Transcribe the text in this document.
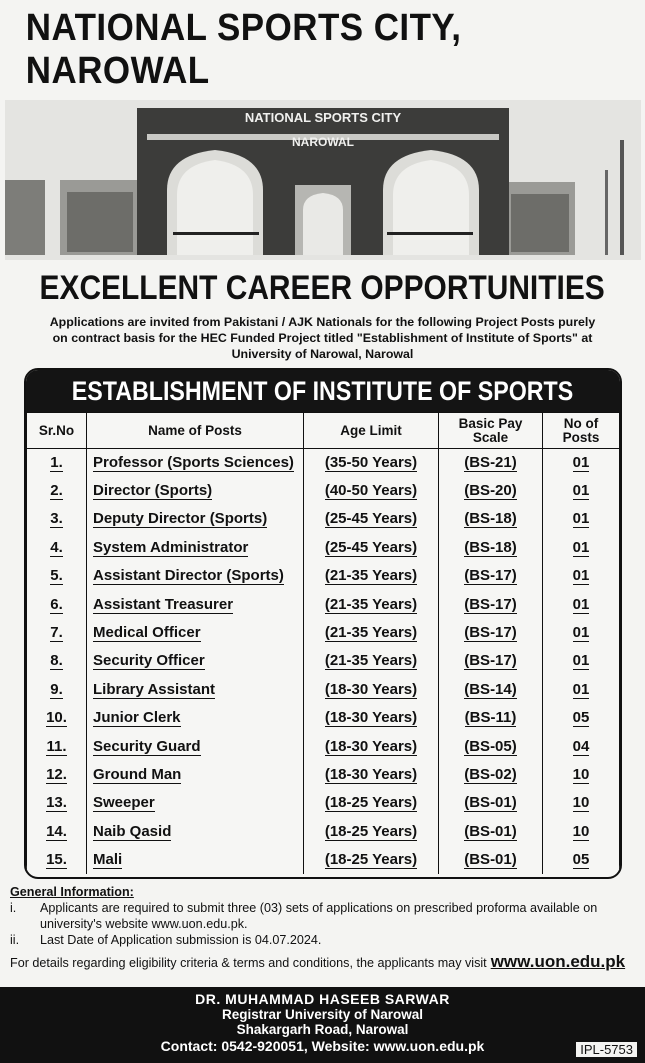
NATIONAL SPORTS CITY, NAROWAL
NATIONAL SPORTS CITY
NAROWAL
EXCELLENT CAREER OPPORTUNITIES
Applications are invited from Pakistani / AJK Nationals for the following Project Posts purely
on contract basis for the HEC Funded Project titled "Establishment of Institute of Sports" at
University of Narowal, Narowal
ESTABLISHMENT OF INSTITUTE OF SPORTS
Sr.No	Name of Posts	Age Limit	Basic Pay Scale	No of Posts
1.	Professor (Sports Sciences)	(35-50 Years)	(BS-21)	01
2.	Director (Sports)	(40-50 Years)	(BS-20)	01
3.	Deputy Director (Sports)	(25-45 Years)	(BS-18)	01
4.	System Administrator	(25-45 Years)	(BS-18)	01
5.	Assistant Director (Sports)	(21-35 Years)	(BS-17)	01
6.	Assistant Treasurer	(21-35 Years)	(BS-17)	01
7.	Medical Officer	(21-35 Years)	(BS-17)	01
8.	Security Officer	(21-35 Years)	(BS-17)	01
9.	Library Assistant	(18-30 Years)	(BS-14)	01
10.	Junior Clerk	(18-30 Years)	(BS-11)	05
11.	Security Guard	(18-30 Years)	(BS-05)	04
12.	Ground Man	(18-30 Years)	(BS-02)	10
13.	Sweeper	(18-25 Years)	(BS-01)	10
14.	Naib Qasid	(18-25 Years)	(BS-01)	10
15.	Mali	(18-25 Years)	(BS-01)	05
General Information:
i.	Applicants are required to submit three (03) sets of applications on prescribed proforma available on
university's website www.uon.edu.pk.
ii.	Last Date of Application submission is 04.07.2024.
For details regarding eligibility criteria & terms and conditions, the applicants may visit www.uon.edu.pk
DR. MUHAMMAD HASEEB SARWAR
Registrar University of Narowal
Shakargarh Road, Narowal
Contact: 0542-920051, Website: www.uon.edu.pk	IPL-5753
